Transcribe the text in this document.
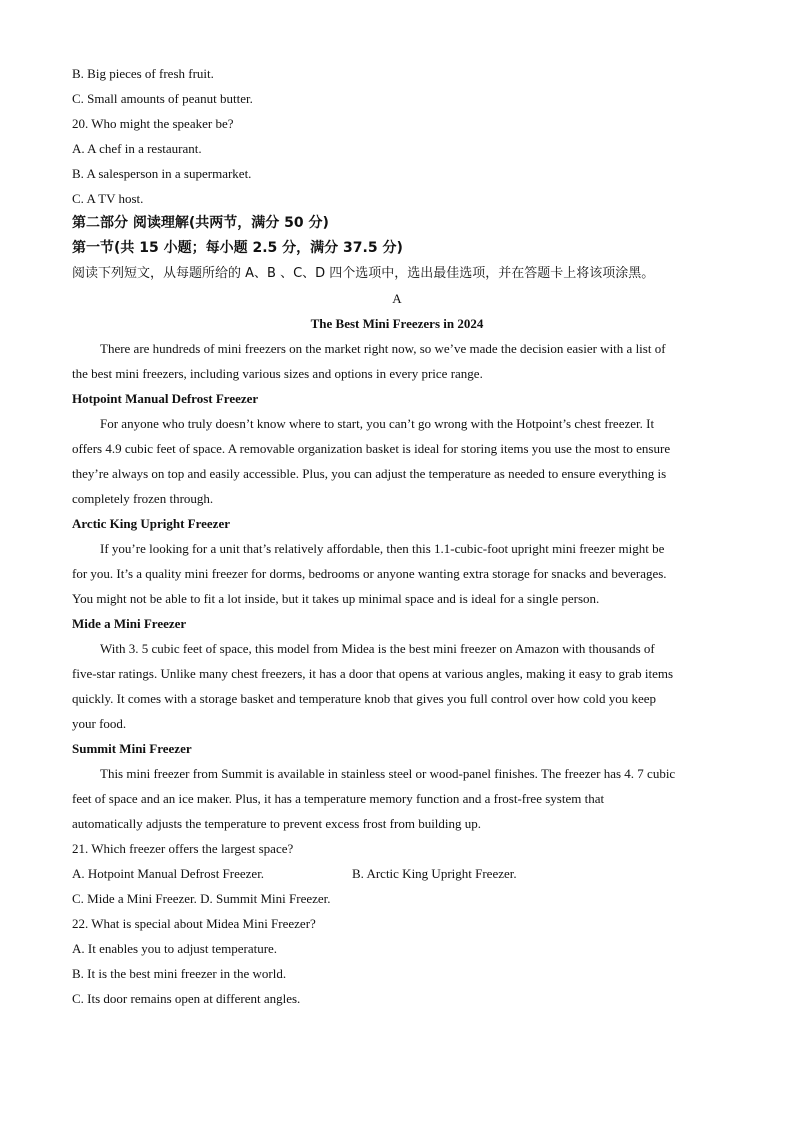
B. Big pieces of fresh fruit.
C. Small amounts of peanut butter.
20. Who might the speaker be?
A. A chef in a restaurant.
B. A salesperson in a supermarket.
C. A TV host.
第二部分 阅读理解(共两节，满分 50 分)
第一节(共 15 小题；每小题 2.5 分，满分 37.5 分)
阅读下列短文，从每题所给的 A、B 、C、D 四个选项中，选出最佳选项，并在答题卡上将该项涂黑。
A
The Best Mini Freezers in 2024
There are hundreds of mini freezers on the market right now, so we’ve made the decision easier with a list of
the best mini freezers, including various sizes and options in every price range.
Hotpoint Manual Defrost Freezer
For anyone who truly doesn’t know where to start, you can’t go wrong with the Hotpoint’s chest freezer. It
offers 4.9 cubic feet of space. A removable organization basket is ideal for storing items you use the most to ensure
they’re always on top and easily accessible. Plus, you can adjust the temperature as needed to ensure everything is
completely frozen through.
Arctic King Upright Freezer
If you’re looking for a unit that’s relatively affordable, then this 1.1-cubic-foot upright mini freezer might be
for you. It’s a quality mini freezer for dorms, bedrooms or anyone wanting extra storage for snacks and beverages.
You might not be able to fit a lot inside, but it takes up minimal space and is ideal for a single person.
Mide a Mini Freezer
With 3. 5 cubic feet of space, this model from Midea is the best mini freezer on Amazon with thousands of
five-star ratings. Unlike many chest freezers, it has a door that opens at various angles, making it easy to grab items
quickly. It comes with a storage basket and temperature knob that gives you full control over how cold you keep
your food.
Summit Mini Freezer
This mini freezer from Summit is available in stainless steel or wood-panel finishes. The freezer has 4. 7 cubic
feet of space and an ice maker. Plus, it has a temperature memory function and a frost-free system that
automatically adjusts the temperature to prevent excess frost from building up.
21. Which freezer offers the largest space?
A. Hotpoint Manual Defrost Freezer.	B. Arctic King Upright Freezer.
C. Mide a Mini Freezer. D. Summit Mini Freezer.
22. What is special about Midea Mini Freezer?
A. It enables you to adjust temperature.
B. It is the best mini freezer in the world.
C. Its door remains open at different angles.
